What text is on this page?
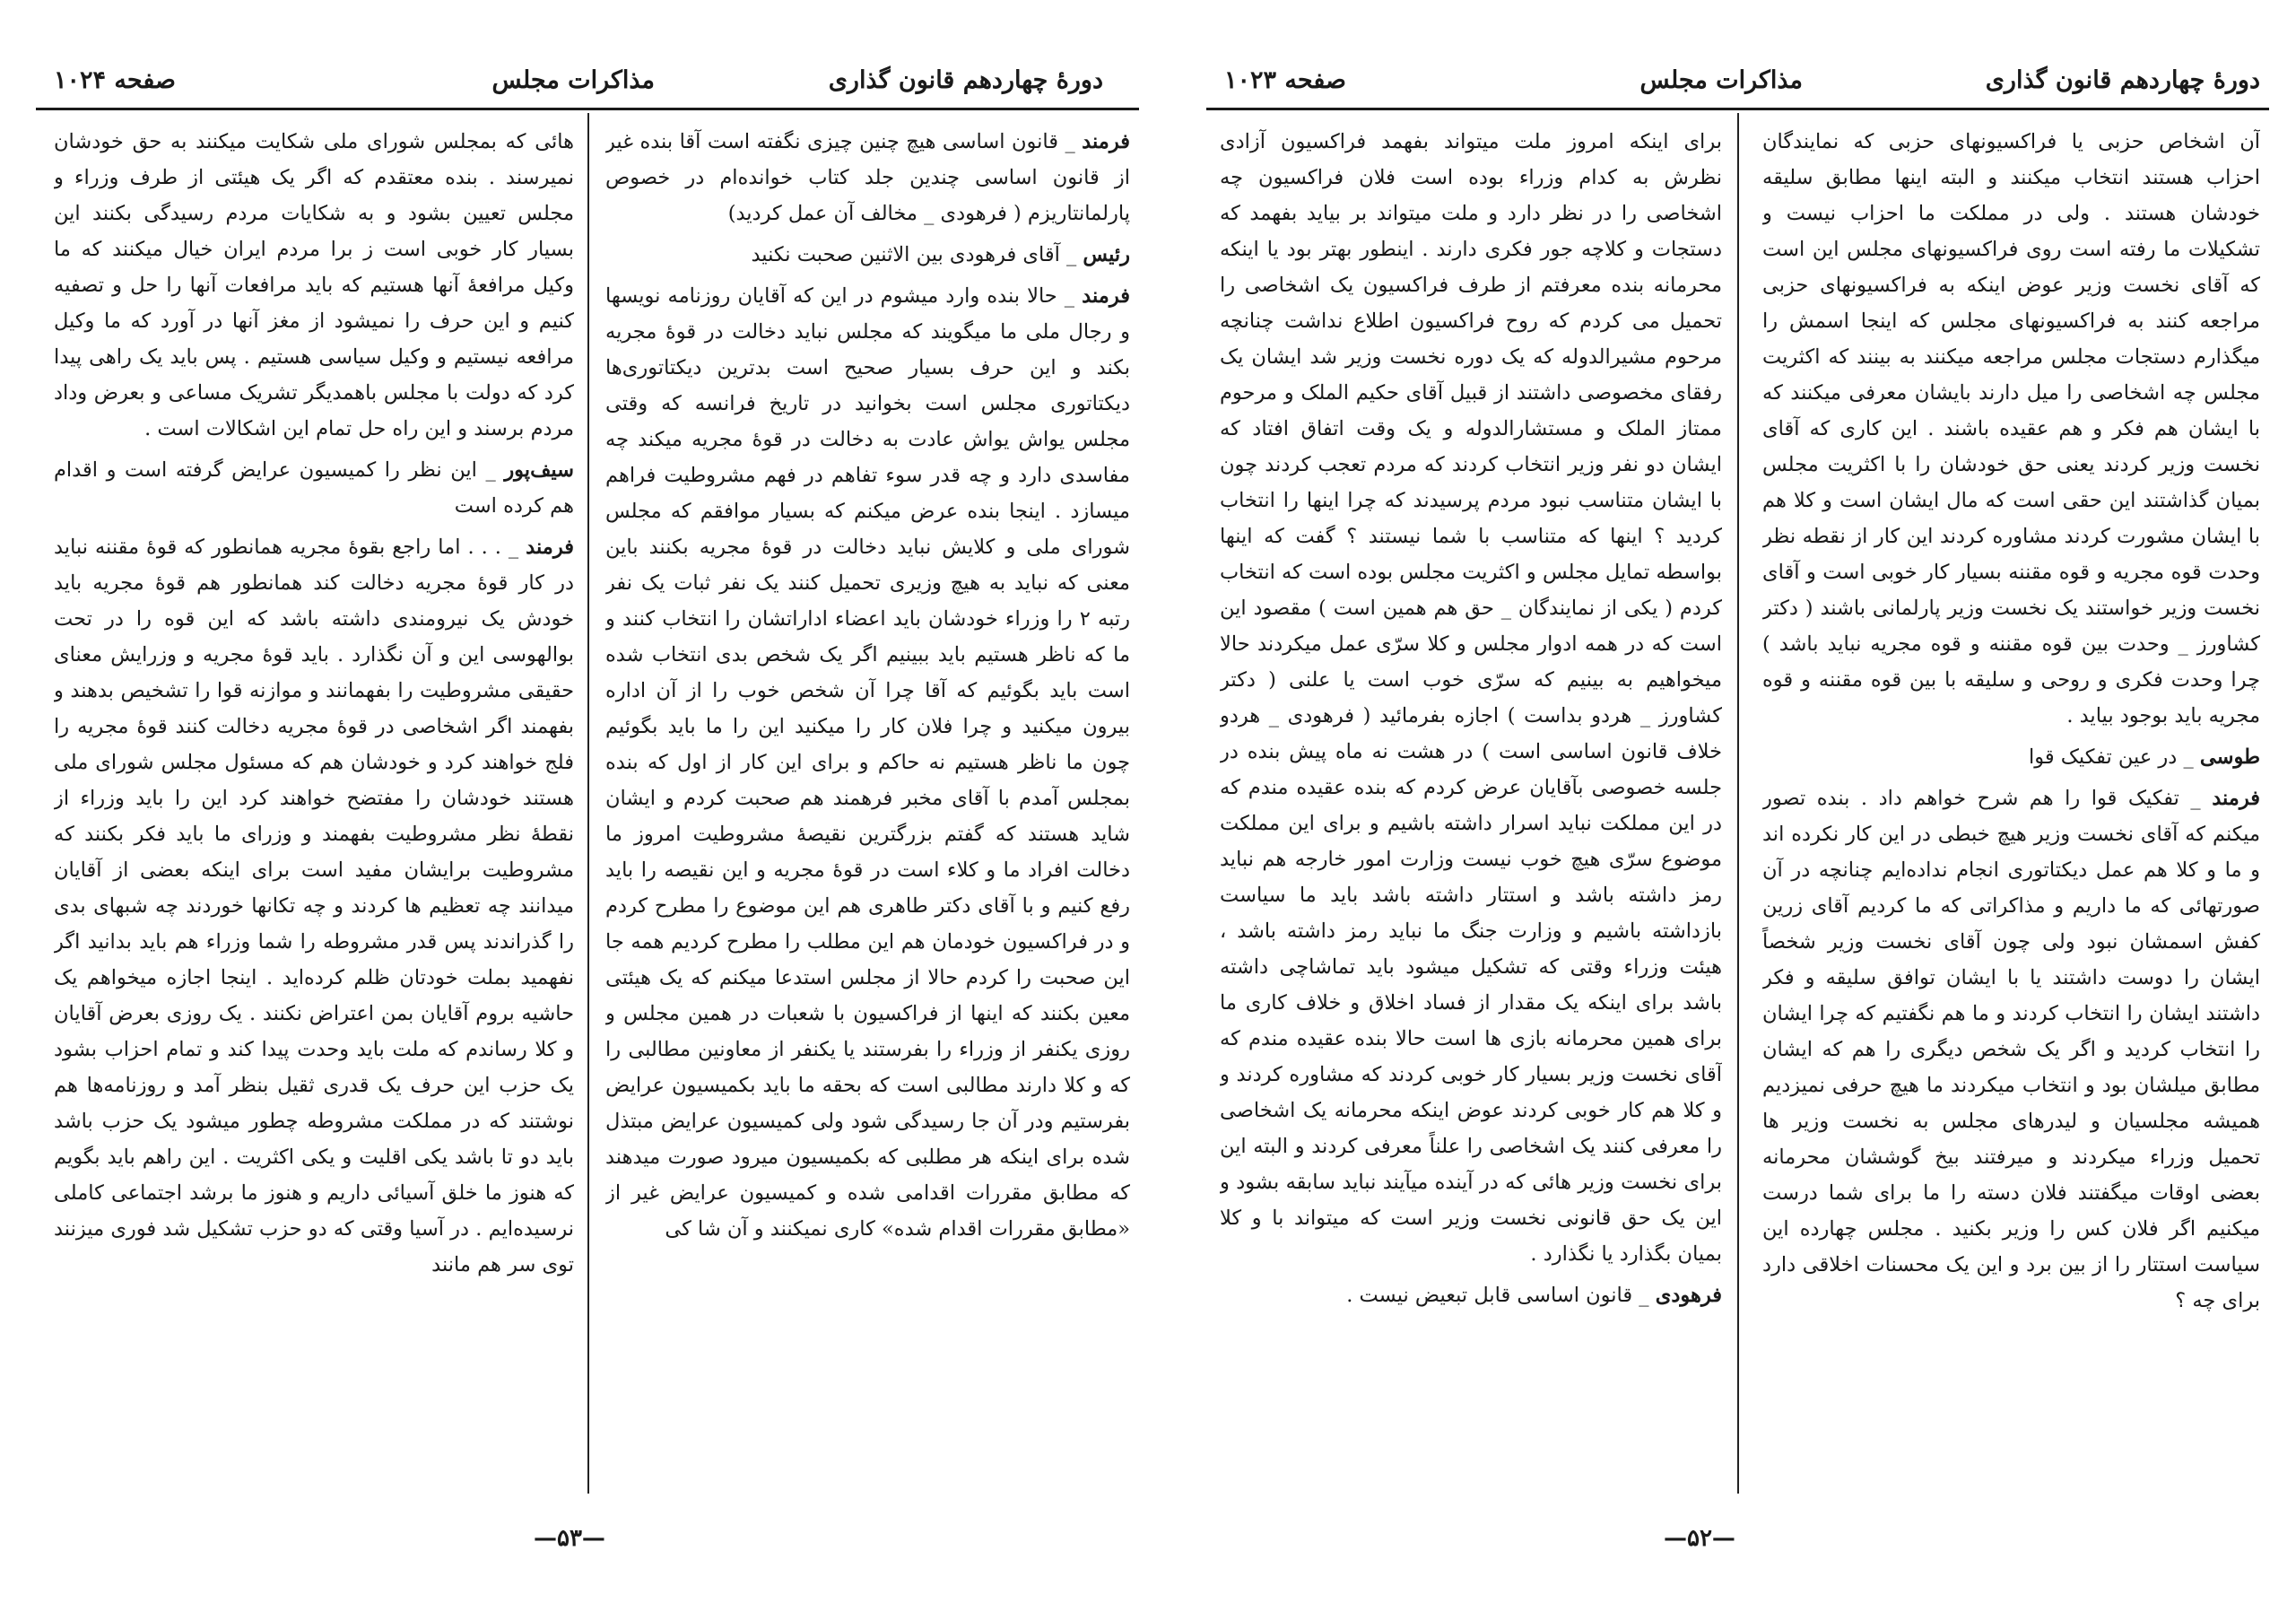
دورهٔ چهاردهم قانون گذاری
مذاکرات مجلس
صفحه ۱۰۲۴

فرمند _ قانون اساسی هیچ چنین چیزی نگفته است آقا بنده غیر از قانون اساسی چندین جلد کتاب خوانده‌ام در خصوص پارلمانتاریزم ( فرهودی _ مخالف آن عمل کردید)

رئیس _ آقای فرهودی بین الاثنین صحبت نکنید

فرمند _ حالا بنده وارد میشوم در این که آقایان روزنامه نویسها و رجال ملی ما میگویند که مجلس نباید دخالت در قوهٔ مجریه بکند و این حرف بسیار صحیح است بدترین دیکتاتوری‌ها دیکتاتوری مجلس است بخوانید در تاریخ فرانسه که وقتی مجلس یواش یواش عادت به دخالت در قوهٔ مجریه میکند چه مفاسدی دارد و چه قدر سوء تفاهم در فهم مشروطیت فراهم میسازد . اینجا بنده عرض میکنم که بسیار موافقم که مجلس شورای ملی و کلایش نباید دخالت در قوهٔ مجریه بکنند باین معنی که نباید به هیچ وزیری تحمیل کنند یک نفر ثبات یک نفر رتبه ۲ را وزراء خودشان باید اعضاء اداراتشان را انتخاب کنند و ما که ناظر هستیم باید ببینیم اگر یک شخص بدی انتخاب شده است باید بگوئیم که آقا چرا آن شخص خوب را از آن اداره بیرون میکنید و چرا فلان کار را میکنید این را ما باید بگوئیم چون ما ناظر هستیم نه حاکم و برای این کار از اول که بنده بمجلس آمدم با آقای مخبر فرهمند هم صحبت کردم و ایشان شاید هستند که گفتم بزرگترین نقیصهٔ مشروطیت امروز ما دخالت افراد ما و کلاء است در قوهٔ مجریه و این نقیصه را باید رفع کنیم و با آقای دکتر طاهری هم این موضوع را مطرح کردم و در فراکسیون خودمان هم این مطلب را مطرح کردیم همه جا این صحبت را کردم حالا از مجلس استدعا میکنم که یک هیئتی معین بکنند که اینها از فراکسیون با شعبات در همین مجلس و روزی یکنفر از وزراء را بفرستند یا یکنفر از معاونین مطالبی را که و کلا دارند مطالبی است که بحقه ما باید بکمیسیون عرایض بفرستیم ودر آن جا رسیدگی شود ولی کمیسیون عرایض مبتذل شده برای اینکه هر مطلبی که بکمیسیون میرود صورت میدهند که مطابق مقررات اقدامی شده و کمیسیون عرایض غیر از «مطابق مقررات اقدام شده» کاری نمیکنند و آن شا کی

هائی که بمجلس شورای ملی شکایت میکنند به حق خودشان نمیرسند . بنده معتقدم که اگر یک هیئتی از طرف وزراء و مجلس تعیین بشود و به شکایات مردم رسیدگی بکنند این بسیار کار خوبی است ز برا مردم ایران خیال میکنند که ما وکیل مرافعهٔ آنها هستیم که باید مرافعات آنها را حل و تصفیه کنیم و این حرف را نمیشود از مغز آنها در آورد که ما وکیل مرافعه نیستیم و وکیل سیاسی هستیم . پس باید یک راهی پیدا کرد که دولت با مجلس باهمدیگر تشریک مساعی و بعرض وداد مردم برسند و این راه حل تمام این اشکالات است .

سیف‌پور _ این نظر را کمیسیون عرایض گرفته است و اقدام هم کرده است

فرمند _ . . . اما راجع بقوهٔ مجریه همانطور که قوهٔ مقننه نباید در کار قوهٔ مجریه دخالت کند همانطور هم قوهٔ مجریه باید خودش یک نیرومندی داشته باشد که این قوه را در تحت بوالهوسی این و آن نگذارد . باید قوهٔ مجریه و وزرایش معنای حقیقی مشروطیت را بفهمانند و موازنه قوا را تشخیص بدهند و بفهمند اگر اشخاصی در قوهٔ مجریه دخالت کنند قوهٔ مجریه را فلج خواهند کرد و خودشان هم که مسئول مجلس شورای ملی هستند خودشان را مفتضح خواهند کرد این را باید وزراء از نقطهٔ نظر مشروطیت بفهمند و وزرای ما باید فکر بکنند که مشروطیت برایشان مفید است برای اینکه بعضی از آقایان میدانند چه تعظیم ها کردند و چه تکانها خوردند چه شبهای بدی را گذراندند پس قدر مشروطه را شما وزراء هم باید بدانید اگر نفهمید بملت خودتان ظلم کرده‌اید . اینجا اجازه میخواهم یک حاشیه بروم آقایان بمن اعتراض نکنند . یک روزی بعرض آقایان و کلا رساندم که ملت باید وحدت پیدا کند و تمام احزاب بشود یک حزب این حرف یک قدری ثقیل بنظر آمد و روزنامه‌ها هم نوشتند که در مملکت مشروطه چطور میشود یک حزب باشد باید دو تا باشد یکی اقلیت و یکی اکثریت . این راهم باید بگویم که هنوز ما خلق آسیائی داریم و هنوز ما برشد اجتماعی کاملی نرسیده‌ایم . در آسیا وقتی که دو حزب تشکیل شد فوری میزنند توی سر هم مانند

—۵۳—
دورهٔ چهاردهم قانون گذاری
مذاکرات مجلس
صفحه ۱۰۲۳

آن اشخاص حزبی یا فراکسیونهای حزبی که نمایندگان احزاب هستند انتخاب میکنند و البته اینها مطابق سلیقه خودشان هستند . ولی در مملکت ما احزاب نیست و تشکیلات ما رفته است روی فراکسیونهای مجلس این است که آقای نخست وزیر عوض اینکه به فراکسیونهای حزبی مراجعه کنند به فراکسیونهای مجلس که اینجا اسمش را میگذارم دستجات مجلس مراجعه میکنند به بینند که اکثریت مجلس چه اشخاصی را میل دارند بایشان معرفی میکنند که با ایشان هم فکر و هم عقیده باشند . این کاری که آقای نخست وزیر کردند یعنی حق خودشان را با اکثریت مجلس بمیان گذاشتند این حقی است که مال ایشان است و کلا هم با ایشان مشورت کردند مشاوره کردند این کار از نقطه نظر وحدت قوه مجریه و قوه مقننه بسیار کار خوبی است و آقای نخست وزیر خواستند یک نخست وزیر پارلمانی باشند ( دکتر کشاورز _ وحدت بین قوه مقننه و قوه مجریه نباید باشد ) چرا وحدت فکری و روحی و سلیقه با بین قوه مقننه و قوه مجریه باید بوجود بیاید .

طوسی _ در عین تفکیک قوا

فرمند _ تفکیک قوا را هم شرح خواهم داد . بنده تصور میکنم که آقای نخست وزیر هیچ خبطی در این کار نکرده اند و ما و کلا هم عمل دیکتاتوری انجام نداده‌ایم چنانچه در آن صورتهائی که ما داریم و مذاکراتی که ما کردیم آقای زرین کفش اسمشان نبود ولی چون آقای نخست وزیر شخصاً ایشان را دوست داشتند یا با ایشان توافق سلیقه و فکر داشتند ایشان را انتخاب کردند و ما هم نگفتیم که چرا ایشان را انتخاب کردید و اگر یک شخص دیگری را هم که ایشان مطابق میلشان بود و انتخاب میکردند ما هیچ حرفی نمیزدیم همیشه مجلسیان و لیدرهای مجلس به نخست وزیر ها تحمیل وزراء میکردند و میرفتند بیخ گوششان محرمانه بعضی اوقات میگفتند فلان دسته را ما برای شما درست میکنیم اگر فلان کس را وزیر بکنید . مجلس چهارده این سیاست استتار را از بین برد و این یک محسنات اخلاقی دارد برای چه ؟

برای اینکه امروز ملت میتواند بفهمد فراکسیون آزادی نظرش به کدام وزراء بوده است فلان فراکسیون چه اشخاصی را در نظر دارد و ملت میتواند بر بیاید بفهمد که دستجات و کلاچه جور فکری دارند . اینطور بهتر بود یا اینکه محرمانه بنده معرفتم از طرف فراکسیون یک اشخاصی را تحمیل می کردم که روح فراکسیون اطلاع نداشت چنانچه مرحوم مشیرالدوله که یک دوره نخست وزیر شد ایشان یک رفقای مخصوصی داشتند از قبیل آقای حکیم الملک و مرحوم ممتاز الملک و مستشارالدوله و یک وقت اتفاق افتاد که ایشان دو نفر وزیر انتخاب کردند که مردم تعجب کردند چون با ایشان متناسب نبود مردم پرسیدند که چرا اینها را انتخاب کردید ؟ اینها که متناسب با شما نیستند ؟ گفت که اینها بواسطه تمایل مجلس و اکثریت مجلس بوده است که انتخاب کردم ( یکی از نمایندگان _ حق هم همین است ) مقصود این است که در همه ادوار مجلس و کلا سرّی عمل میکردند حالا میخواهیم به بینیم که سرّی خوب است یا علنی ( دکتر کشاورز _ هردو بداست ) اجازه بفرمائید ( فرهودی _ هردو خلاف قانون اساسی است ) در هشت نه ماه پیش بنده در جلسه خصوصی بآقایان عرض کردم که بنده عقیده مندم که در این مملکت نباید اسرار داشته باشیم و برای این مملکت موضوع سرّی هیچ خوب نیست وزارت امور خارجه هم نباید رمز داشته باشد و استتار داشته باشد باید ما سیاست بازداشته باشیم و وزارت جنگ ما نباید رمز داشته باشد ، هیئت وزراء وقتی که تشکیل میشود باید تماشاچی داشته باشد برای اینکه یک مقدار از فساد اخلاق و خلاف کاری ما برای همین محرمانه بازی ها است حالا بنده عقیده مندم که آقای نخست وزیر بسیار کار خوبی کردند که مشاوره کردند و و کلا هم کار خوبی کردند عوض اینکه محرمانه یک اشخاصی را معرفی کنند یک اشخاصی را علناً معرفی کردند و البته این برای نخست وزیر هائی که در آینده میآیند نباید سابقه بشود و این یک حق قانونی نخست وزیر است که میتواند با و کلا بمیان بگذارد یا نگذارد .

فرهودی _ قانون اساسی قابل تبعیض نیست .

—۵۲—
